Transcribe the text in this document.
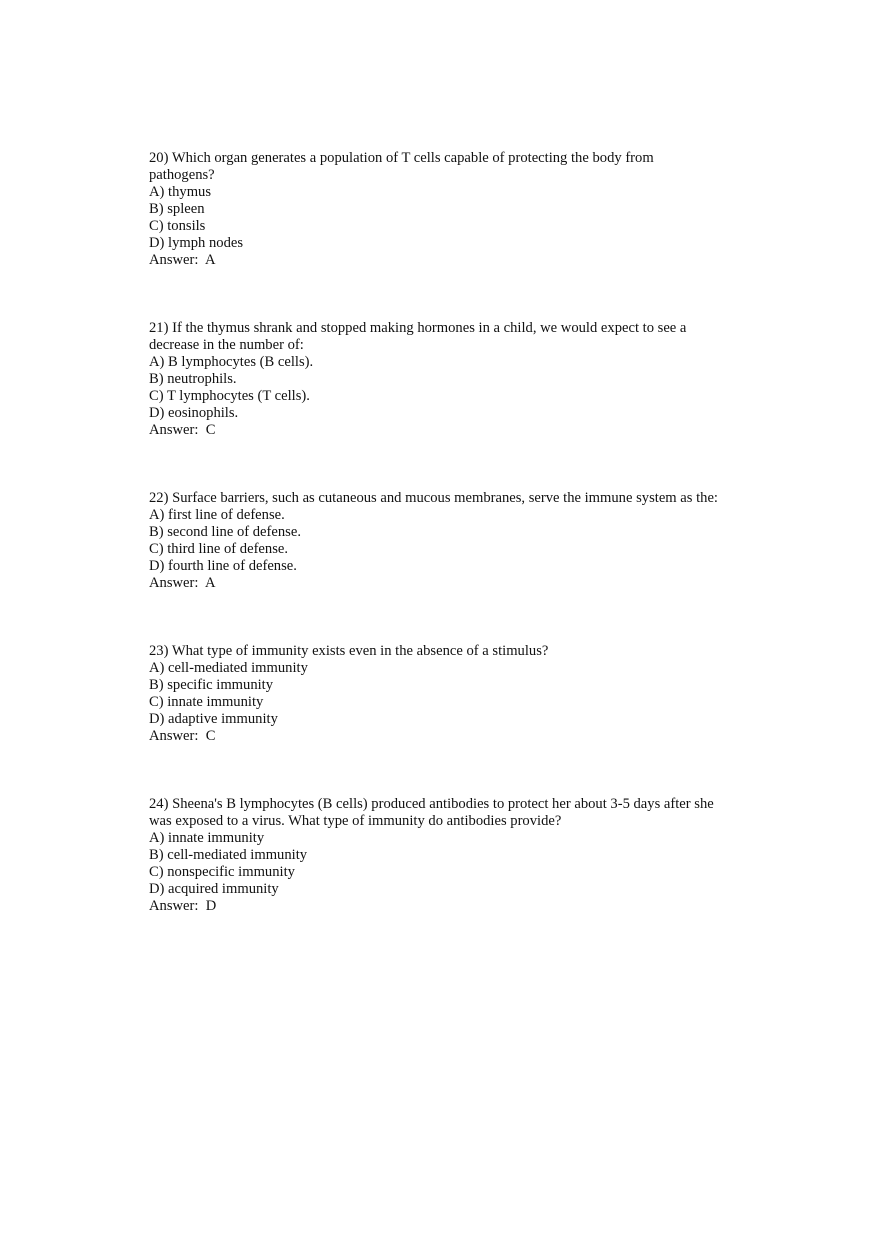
20) Which organ generates a population of T cells capable of protecting the body from
pathogens?
A) thymus
B) spleen
C) tonsils
D) lymph nodes
Answer:  A
21) If the thymus shrank and stopped making hormones in a child, we would expect to see a
decrease in the number of:
A) B lymphocytes (B cells).
B) neutrophils.
C) T lymphocytes (T cells).
D) eosinophils.
Answer:  C
22) Surface barriers, such as cutaneous and mucous membranes, serve the immune system as the:
A) first line of defense.
B) second line of defense.
C) third line of defense.
D) fourth line of defense.
Answer:  A
23) What type of immunity exists even in the absence of a stimulus?
A) cell-mediated immunity
B) specific immunity
C) innate immunity
D) adaptive immunity
Answer:  C
24) Sheena's B lymphocytes (B cells) produced antibodies to protect her about 3-5 days after she
was exposed to a virus. What type of immunity do antibodies provide?
A) innate immunity
B) cell-mediated immunity
C) nonspecific immunity
D) acquired immunity
Answer:  D
